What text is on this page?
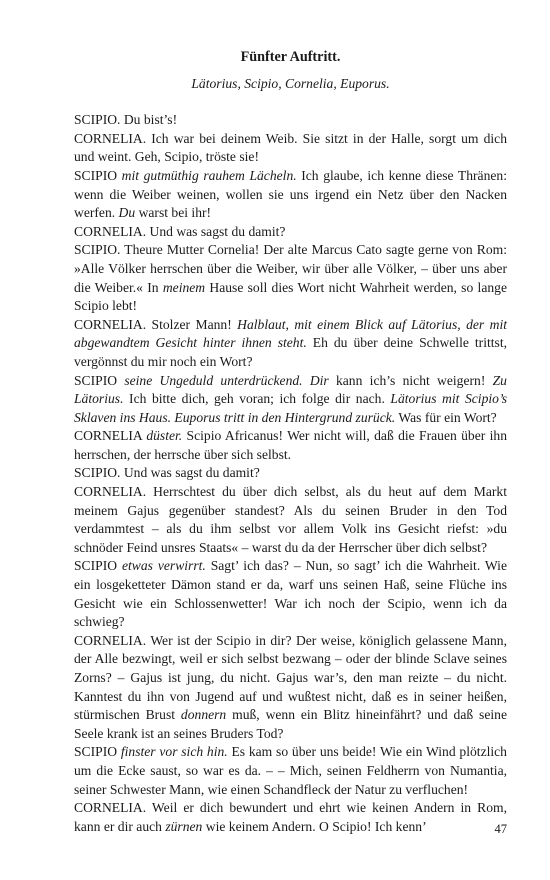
Fünfter Auftritt.
Lätorius, Scipio, Cornelia, Euporus.

SCIPIO. Du bist’s!

CORNELIA. Ich war bei deinem Weib. Sie sitzt in der Halle, sorgt um dich und weint. Geh, Scipio, tröste sie!

SCIPIO mit gutmüthig rauhem Lächeln. Ich glaube, ich kenne diese Thränen: wenn die Weiber weinen, wollen sie uns irgend ein Netz über den Nacken werfen. Du warst bei ihr!

CORNELIA. Und was sagst du damit?

SCIPIO. Theure Mutter Cornelia! Der alte Marcus Cato sagte gerne von Rom: »Alle Völker herrschen über die Weiber, wir über alle Völker, – über uns aber die Weiber.« In meinem Hause soll dies Wort nicht Wahrheit werden, so lange Scipio lebt!

CORNELIA. Stolzer Mann! Halblaut, mit einem Blick auf Lätorius, der mit abgewandtem Gesicht hinter ihnen steht. Eh du über deine Schwelle trittst, vergönnst du mir noch ein Wort?

SCIPIO seine Ungeduld unterdrückend. Dir kann ich’s nicht weigern! Zu Lätorius. Ich bitte dich, geh voran; ich folge dir nach. Lätorius mit Scipio’s Sklaven ins Haus. Euporus tritt in den Hintergrund zurück. Was für ein Wort?

CORNELIA düster. Scipio Africanus! Wer nicht will, daß die Frauen über ihn herrschen, der herrsche über sich selbst.

SCIPIO. Und was sagst du damit?

CORNELIA. Herrschtest du über dich selbst, als du heut auf dem Markt meinem Gajus gegenüber standest? Als du seinen Bruder in den Tod verdammtest – als du ihm selbst vor allem Volk ins Gesicht riefst: »du schnöder Feind unsres Staats« – warst du da der Herrscher über dich selbst?

SCIPIO etwas verwirrt. Sagt’ ich das? – Nun, so sagt’ ich die Wahrheit. Wie ein losgeketteter Dämon stand er da, warf uns seinen Haß, seine Flüche ins Gesicht wie ein Schlossenwetter! War ich noch der Scipio, wenn ich da schwieg?

CORNELIA. Wer ist der Scipio in dir? Der weise, königlich gelassene Mann, der Alle bezwingt, weil er sich selbst bezwang – oder der blinde Sclave seines Zorns? – Gajus ist jung, du nicht. Gajus war’s, den man reizte – du nicht. Kanntest du ihn von Jugend auf und wußtest nicht, daß es in seiner heißen, stürmischen Brust donnern muß, wenn ein Blitz hineinfährt? und daß seine Seele krank ist an seines Bruders Tod?

SCIPIO finster vor sich hin. Es kam so über uns beide! Wie ein Wind plötzlich um die Ecke saust, so war es da. – – Mich, seinen Feldherrn von Numantia, seiner Schwester Mann, wie einen Schandfleck der Natur zu verfluchen!

CORNELIA. Weil er dich bewundert und ehrt wie keinen Andern in Rom, kann er dir auch zürnen wie keinem Andern. O Scipio! Ich kenn’	47
